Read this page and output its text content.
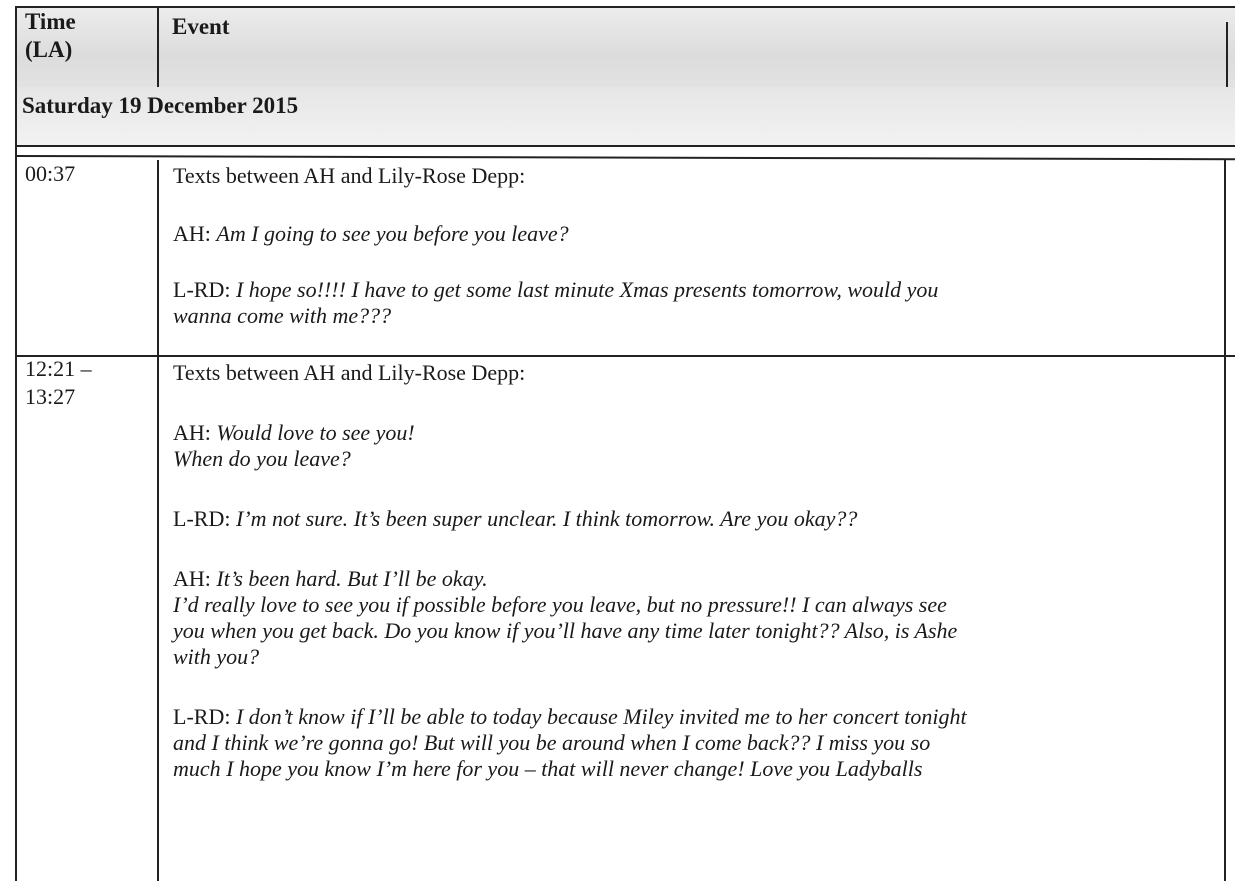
Time
(LA)
Event
Saturday 19 December 2015
00:37	Texts between AH and Lily-Rose Depp:

AH: Am I going to see you before you leave?

L-RD: I hope so!!!! I have to get some last minute Xmas presents tomorrow, would you

wanna come with me???

12:21 –
13:27

Texts between AH and Lily-Rose Depp:

AH: Would love to see you!

When do you leave?

L-RD: I’m not sure. It’s been super unclear. I think tomorrow. Are you okay??

AH: It’s been hard. But I’ll be okay.

I’d really love to see you if possible before you leave, but no pressure!! I can always see

you when you get back. Do you know if you’ll have any time later tonight?? Also, is Ashe

with you?

L-RD: I don’t know if I’ll be able to today because Miley invited me to her concert tonight

and I think we’re gonna go! But will you be around when I come back?? I miss you so

much I hope you know I’m here for you – that will never change! Love you Ladyballs
